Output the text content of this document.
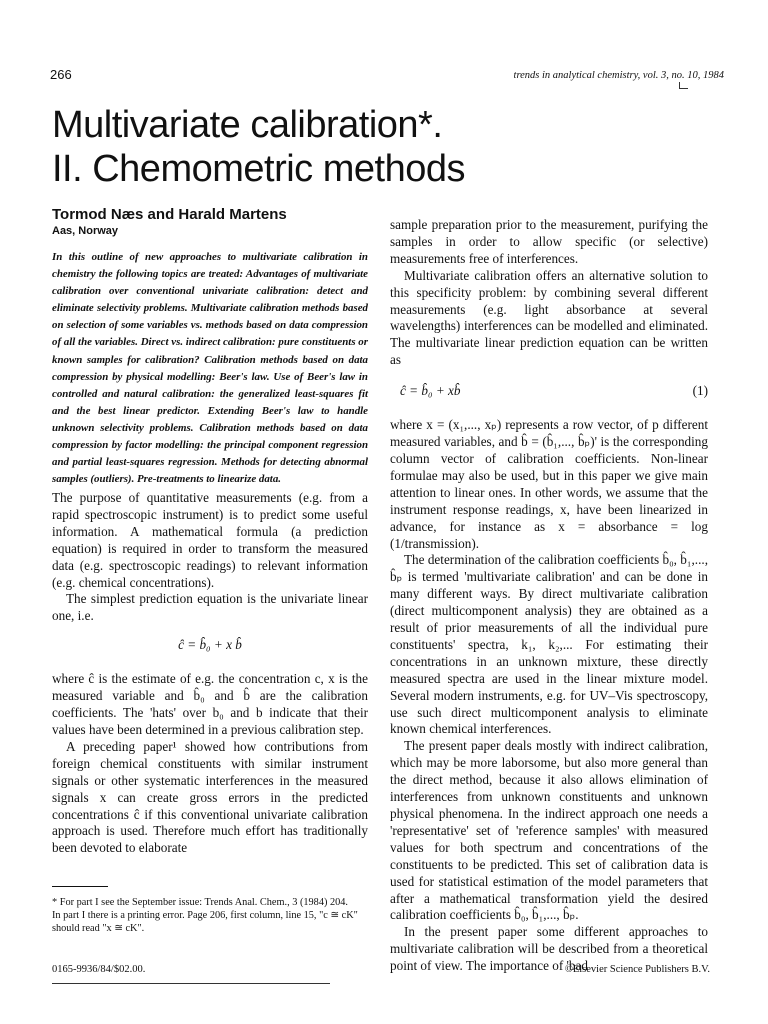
266	trends in analytical chemistry, vol. 3, no. 10, 1984
Multivariate calibration*.
II. Chemometric methods
Tormod Næs and Harald Martens
Aas, Norway
In this outline of new approaches to multivariate calibration in chemistry the following topics are treated: Advantages of multivariate calibration over conventional univariate calibration: detect and eliminate selectivity problems. Multivariate calibration methods based on selection of some variables vs. methods based on data compression of all the variables. Direct vs. indirect calibration: pure constituents or known samples for calibration? Calibration methods based on data compression by physical modelling: Beer's law. Use of Beer's law in controlled and natural calibration: the generalized least-squares fit and the best linear predictor. Extending Beer's law to handle unknown selectivity problems. Calibration methods based on data compression by factor modelling: the principal component regression and partial least-squares regression. Methods for detecting abnormal samples (outliers). Pre-treatments to linearize data.

The purpose of quantitative measurements (e.g. from a rapid spectroscopic instrument) is to predict some useful information. A mathematical formula (a prediction equation) is required in order to transform the measured data (e.g. spectroscopic readings) to relevant information (e.g. chemical concentrations).

The simplest prediction equation is the univariate linear one, i.e.

ĉ = b̂₀ + x b̂

where ĉ is the estimate of e.g. the concentration c, x is the measured variable and b̂₀ and b̂ are the calibration coefficients. The 'hats' over b₀ and b indicate that their values have been determined in a previous calibration step.

A preceding paper¹ showed how contributions from foreign chemical constituents with similar instrument signals or other systematic interferences in the measured signals x can create gross errors in the predicted concentrations ĉ if this conventional univariate calibration approach is used. Therefore much effort has traditionally been devoted to elaborate

sample preparation prior to the measurement, purifying the samples in order to allow specific (or selective) measurements free of interferences.

Multivariate calibration offers an alternative solution to this specificity problem: by combining several different measurements (e.g. light absorbance at several wavelengths) interferences can be modelled and eliminated. The multivariate linear prediction equation can be written as

ĉ = b̂₀ + xb̂	(1)

where x = (x₁,..., xₚ) represents a row vector, of p different measured variables, and b̂ = (b̂₁,..., b̂ₚ)' is the corresponding column vector of calibration coefficients. Non-linear formulae may also be used, but in this paper we give main attention to linear ones. In other words, we assume that the instrument response readings, x, have been linearized in advance, for instance as x = absorbance = log (1/transmission).

The determination of the calibration coefficients b̂₀, b̂₁,..., b̂ₚ is termed 'multivariate calibration' and can be done in many different ways. By direct multivariate calibration (direct multicomponent analysis) they are obtained as a result of prior measurements of all the individual pure constituents' spectra, k₁, k₂,... For estimating their concentrations in an unknown mixture, these directly measured spectra are used in the linear mixture model. Several modern instruments, e.g. for UV–Vis spectroscopy, use such direct multicomponent analysis to eliminate known chemical interferences.

The present paper deals mostly with indirect calibration, which may be more laborsome, but also more general than the direct method, because it also allows elimination of interferences from unknown constituents and unknown physical phenomena. In the indirect approach one needs a 'representative' set of 'reference samples' with measured values for both spectrum and concentrations of the constituents to be predicted. This set of calibration data is used for statistical estimation of the model parameters that after a mathematical transformation yield the desired calibration coefficients b̂₀, b̂₁,..., b̂ₚ.

In the present paper some different approaches to multivariate calibration will be described from a theoretical point of view. The importance of 'bad

* For part I see the September issue: Trends Anal. Chem., 3 (1984) 204.

In part I there is a printing error. Page 206, first column, line 15, "c ≅ cK" should read "x ≅ cK".

0165-9936/84/$02.00.	©Elsevier Science Publishers B.V.
